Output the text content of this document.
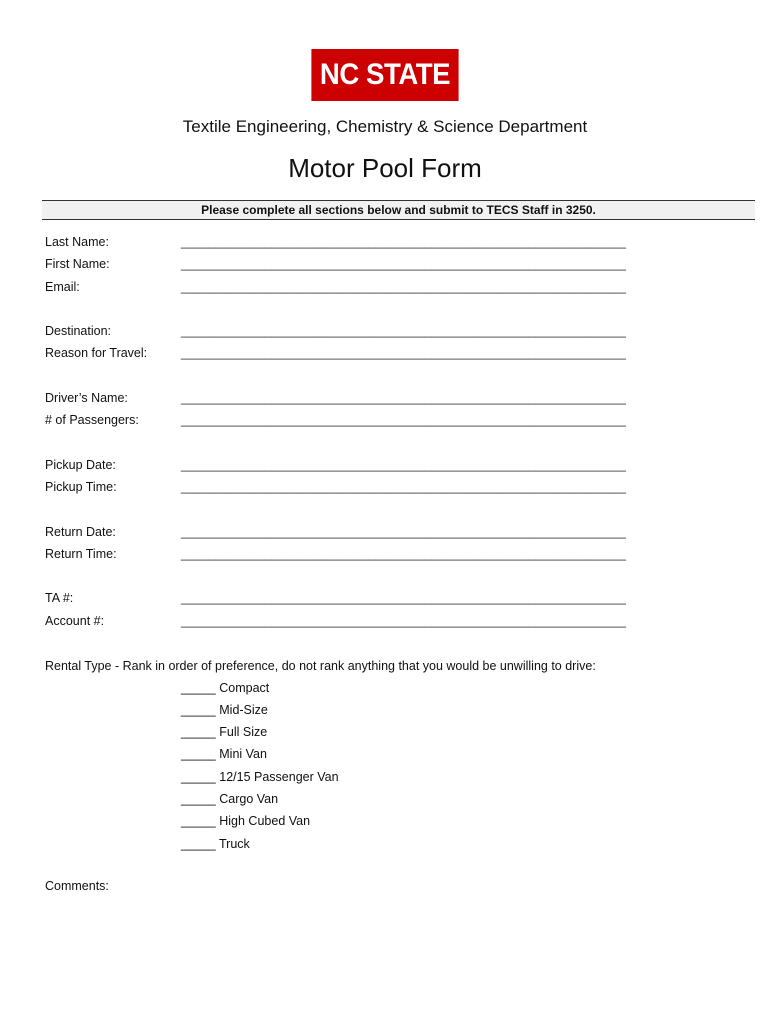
NC STATE
Textile Engineering, Chemistry & Science Department
Motor Pool Form
Please complete all sections below and submit to TECS Staff in 3250.
Last Name:	________________________________________________________________
First Name:	________________________________________________________________
Email:	________________________________________________________________
Destination:	________________________________________________________________
Reason for Travel:	________________________________________________________________
Driver’s Name:	________________________________________________________________
# of Passengers:	________________________________________________________________
Pickup Date:	________________________________________________________________
Pickup Time:	________________________________________________________________
Return Date:	________________________________________________________________
Return Time:	________________________________________________________________
TA #:	________________________________________________________________
Account #:	________________________________________________________________
Rental Type - Rank in order of preference, do not rank anything that you would be unwilling to drive:
_____ Compact
_____ Mid-Size
_____ Full Size
_____ Mini Van
_____ 12/15 Passenger Van
_____ Cargo Van
_____ High Cubed Van
_____ Truck
Comments:
